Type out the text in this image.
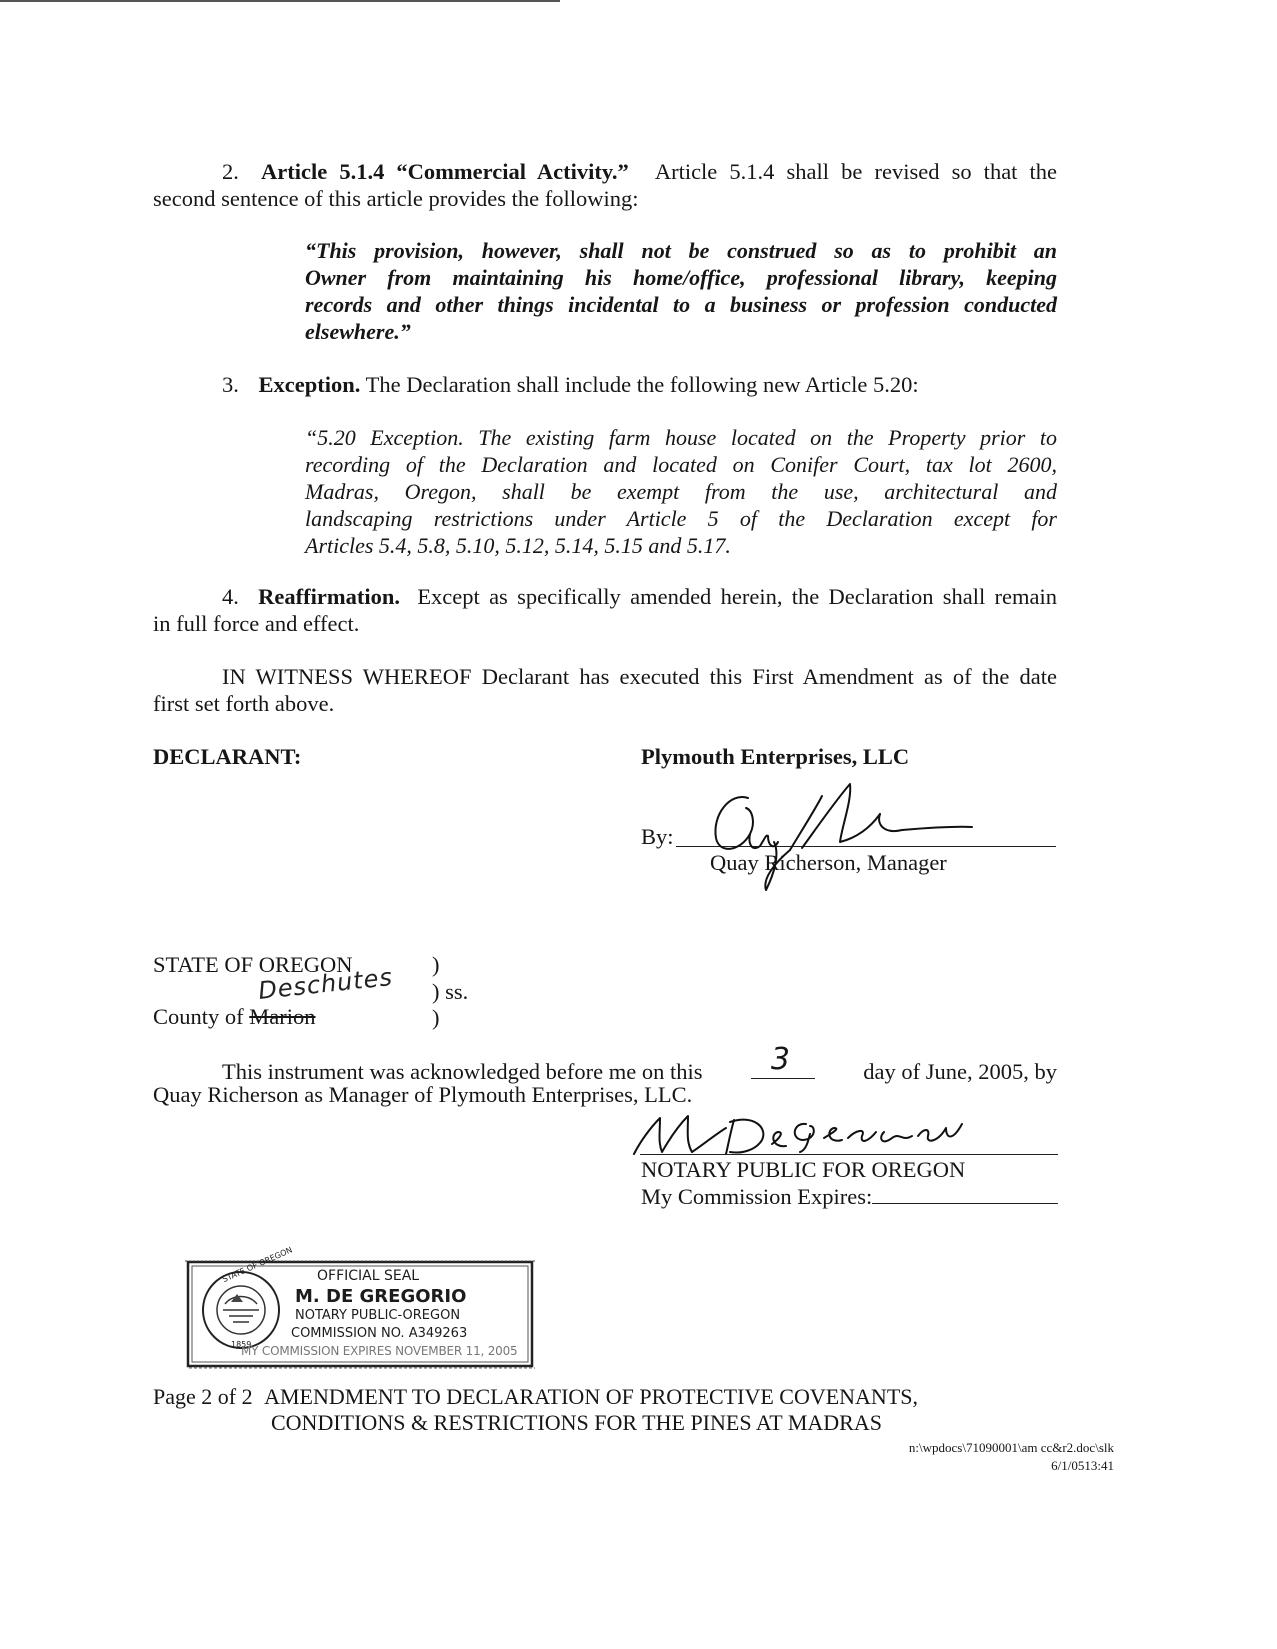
2. Article 5.1.4 “Commercial Activity.” Article 5.1.4 shall be revised so that the
second sentence of this article provides the following:
“This provision, however, shall not be construed so as to prohibit an
Owner from maintaining his home/office, professional library, keeping
records and other things incidental to a business or profession conducted
elsewhere.”
3. Exception. The Declaration shall include the following new Article 5.20:
“5.20 Exception. The existing farm house located on the Property prior to
recording of the Declaration and located on Conifer Court, tax lot 2600,
Madras, Oregon, shall be exempt from the use, architectural and
landscaping restrictions under Article 5 of the Declaration except for
Articles 5.4, 5.8, 5.10, 5.12, 5.14, 5.15 and 5.17.
4. Reaffirmation. Except as specifically amended herein, the Declaration shall remain
in full force and effect.
IN WITNESS WHEREOF Declarant has executed this First Amendment as of the date
first set forth above.
DECLARANT:	Plymouth Enterprises, LLC
By:
Quay Richerson, Manager
STATE OF OREGON	)
) ss.
)
County of Marion
Deschutes
This instrument was acknowledged before me on this 3	day of June, 2005, by
Quay Richerson as Manager of Plymouth Enterprises, LLC.
NOTARY PUBLIC FOR OREGON
My Commission Expires:
STATE OF OREGON
1859
OFFICIAL SEAL
M. DE GREGORIO
NOTARY PUBLIC-OREGON
COMMISSION NO. A349263
MY COMMISSION EXPIRES NOVEMBER 11, 2005
Page 2 of 2 AMENDMENT TO DECLARATION OF PROTECTIVE COVENANTS,
CONDITIONS & RESTRICTIONS FOR THE PINES AT MADRAS
n:\wpdocs\71090001\am cc&r2.doc\slk
6/1/0513:41
